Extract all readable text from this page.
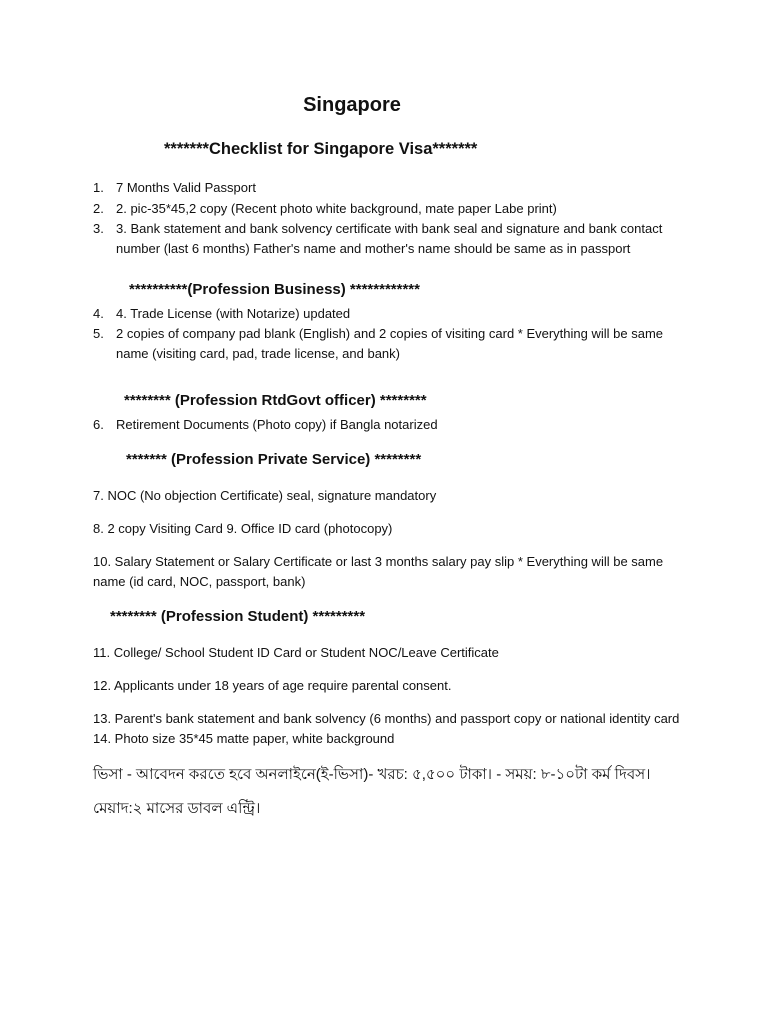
Singapore
*******Checklist for Singapore Visa*******
1. 7 Months Valid Passport
2. 2. pic-35*45,2 copy (Recent photo white background, mate paper Labe print)
3. 3. Bank statement and bank solvency certificate with bank seal and signature and bank contact
number (last 6 months) Father's name and mother's name should be same as in passport
**********(Profession Business) ************
4. 4. Trade License (with Notarize) updated
5. 2 copies of company pad blank (English) and 2 copies of visiting card * Everything will be same
name (visiting card, pad, trade license, and bank)
******** (Profession RtdGovt officer) ********
6. Retirement Documents (Photo copy) if Bangla notarized
******* (Profession Private Service) ********
7. NOC (No objection Certificate) seal, signature mandatory
8. 2 copy Visiting Card 9. Office ID card (photocopy)
10. Salary Statement or Salary Certificate or last 3 months salary pay slip * Everything will be same
name (id card, NOC, passport, bank)
******** (Profession Student) *********
11. College/ School Student ID Card or Student NOC/Leave Certificate
12. Applicants under 18 years of age require parental consent.
13. Parent's bank statement and bank solvency (6 months) and passport copy or national identity card
14. Photo size 35*45 matte paper, white background
ভিসা - আবেদন করতে হবে অনলাইনে(ই-ভিসা)- খরচ: ৫,৫০০ টাকা। - সময়: ৮-১০টা কর্ম দিবস।
মেয়াদ:২ মাসের ডাবল এন্ট্রি।
